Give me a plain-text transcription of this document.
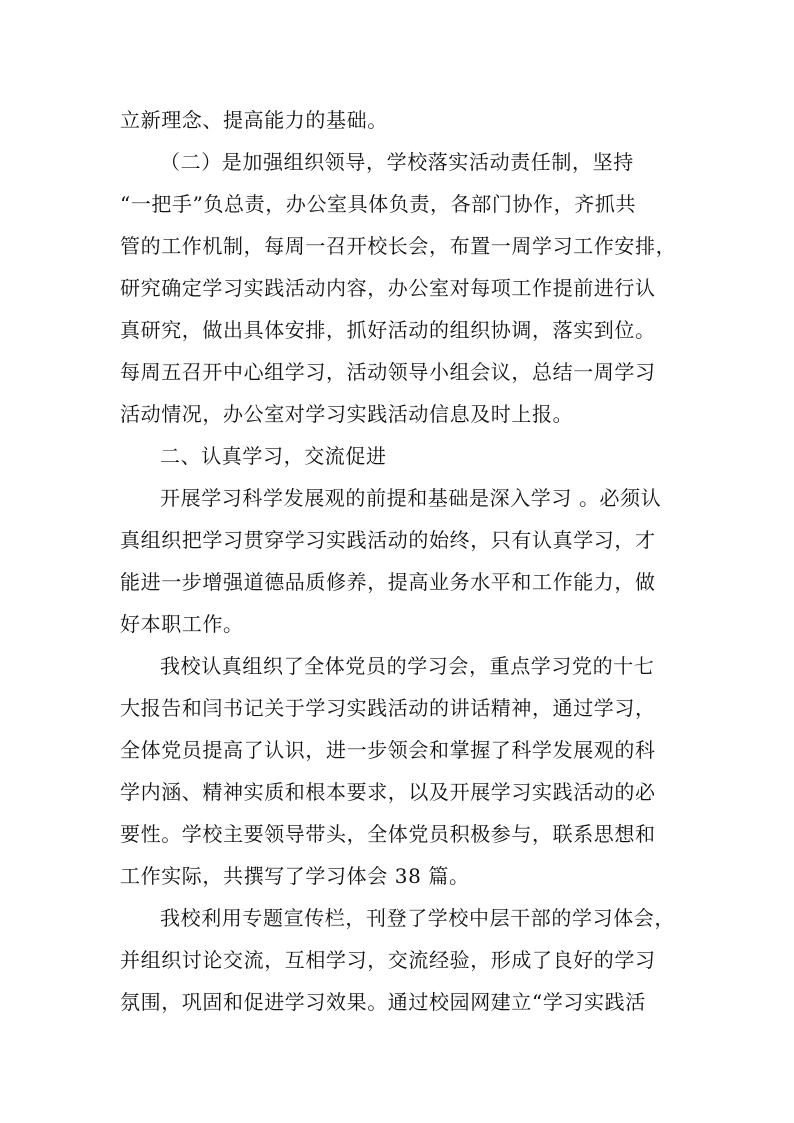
立新理念、提高能力的基础。
（二）是加强组织领导，学校落实活动责任制，坚持
“一把手”负总责，办公室具体负责，各部门协作，齐抓共
管的工作机制，每周一召开校长会，布置一周学习工作安排，
研究确定学习实践活动内容，办公室对每项工作提前进行认
真研究，做出具体安排，抓好活动的组织协调，落实到位。
每周五召开中心组学习，活动领导小组会议，总结一周学习
活动情况，办公室对学习实践活动信息及时上报。
二、认真学习，交流促进
开展学习科学发展观的前提和基础是深入学习 。必须认
真组织把学习贯穿学习实践活动的始终，只有认真学习，才
能进一步增强道德品质修养，提高业务水平和工作能力，做
好本职工作。
我校认真组织了全体党员的学习会，重点学习党的十七
大报告和闫书记关于学习实践活动的讲话精神，通过学习，
全体党员提高了认识，进一步领会和掌握了科学发展观的科
学内涵、精神实质和根本要求，以及开展学习实践活动的必
要性。学校主要领导带头，全体党员积极参与，联系思想和
工作实际，共撰写了学习体会 38 篇。
我校利用专题宣传栏，刊登了学校中层干部的学习体会，
并组织讨论交流，互相学习，交流经验，形成了良好的学习
氛围，巩固和促进学习效果。通过校园网建立“学习实践活
